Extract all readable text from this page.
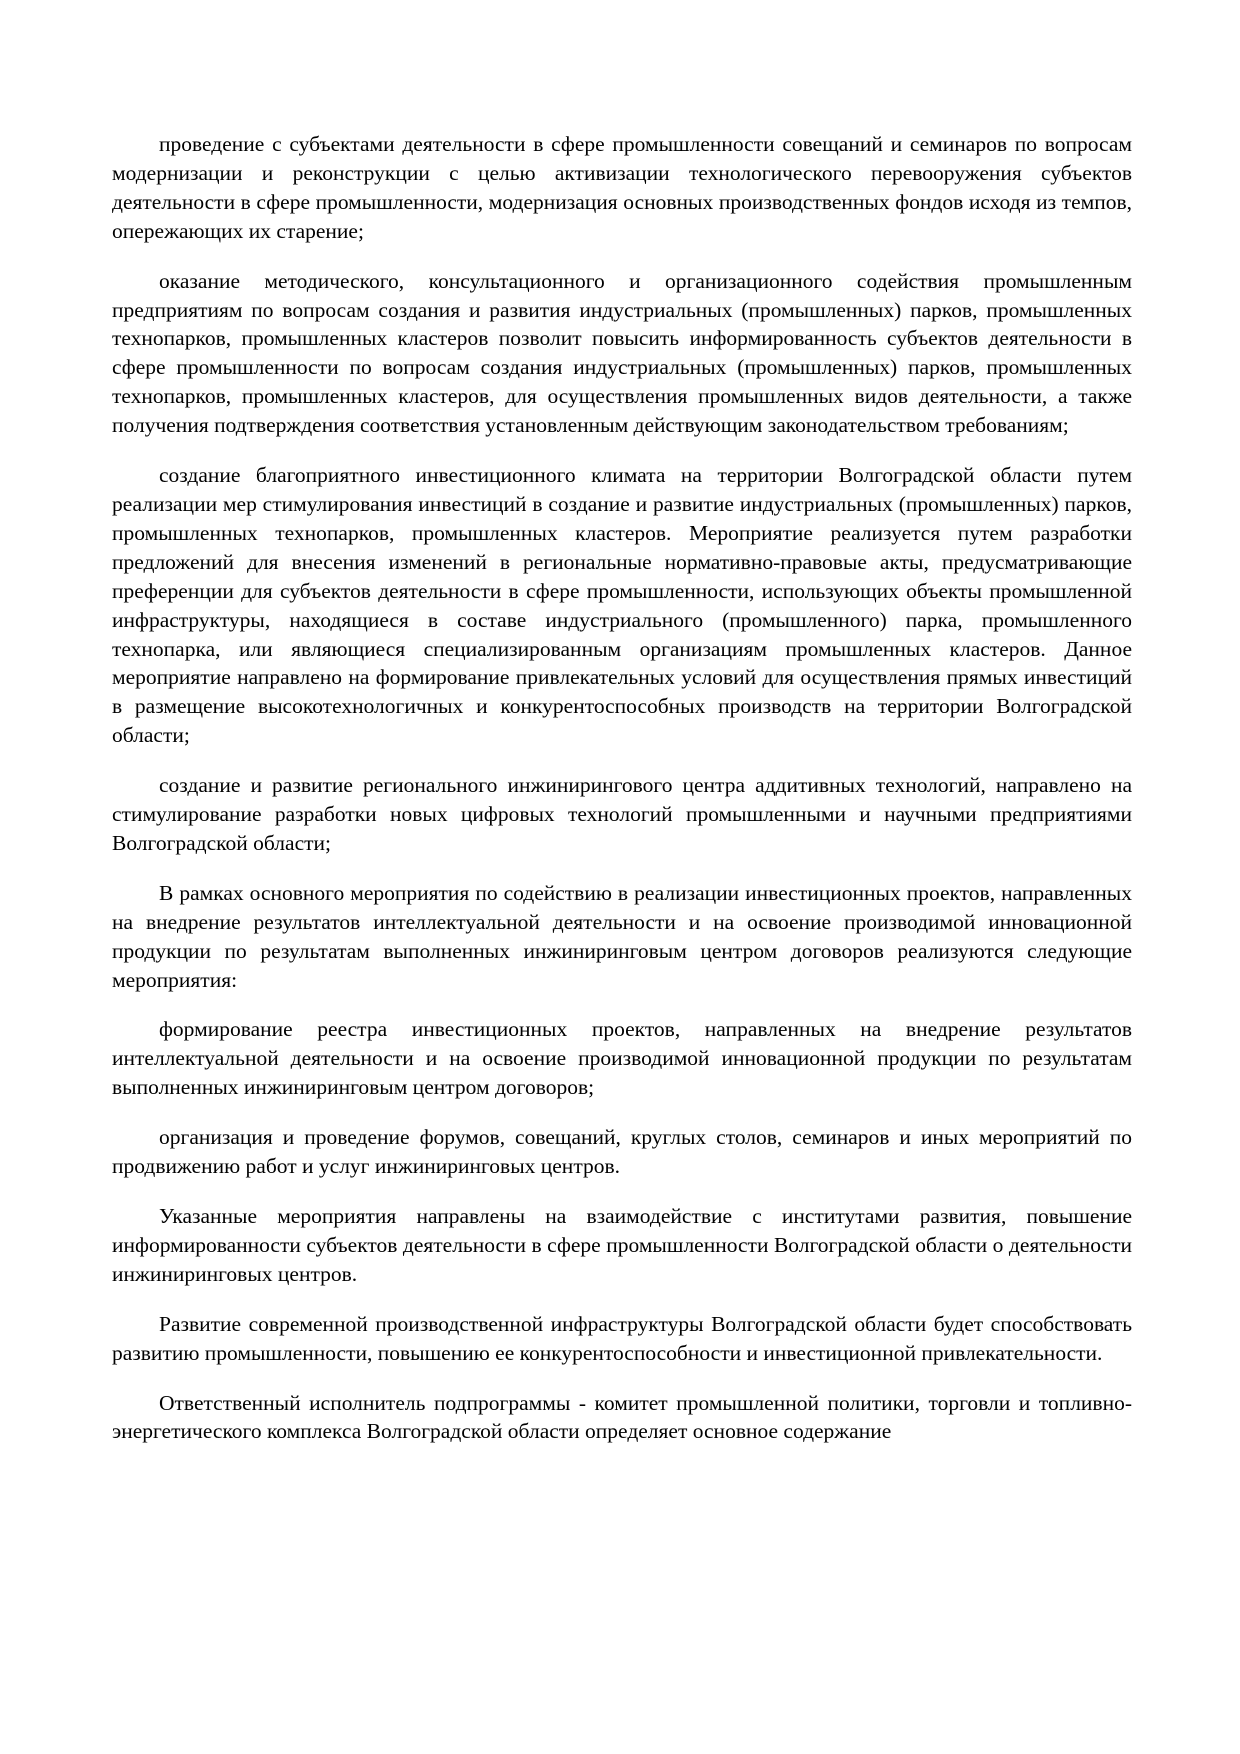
проведение с субъектами деятельности в сфере промышленности совещаний и семинаров по вопросам модернизации и реконструкции с целью активизации технологического перевооружения субъектов деятельности в сфере промышленности, модернизация основных производственных фондов исходя из темпов, опережающих их старение;

оказание методического, консультационного и организационного содействия промышленным предприятиям по вопросам создания и развития индустриальных (промышленных) парков, промышленных технопарков, промышленных кластеров позволит повысить информированность субъектов деятельности в сфере промышленности по вопросам создания индустриальных (промышленных) парков, промышленных технопарков, промышленных кластеров, для осуществления промышленных видов деятельности, а также получения подтверждения соответствия установленным действующим законодательством требованиям;

создание благоприятного инвестиционного климата на территории Волгоградской области путем реализации мер стимулирования инвестиций в создание и развитие индустриальных (промышленных) парков, промышленных технопарков, промышленных кластеров. Мероприятие реализуется путем разработки предложений для внесения изменений в региональные нормативно-правовые акты, предусматривающие преференции для субъектов деятельности в сфере промышленности, использующих объекты промышленной инфраструктуры, находящиеся в составе индустриального (промышленного) парка, промышленного технопарка, или являющиеся специализированным организациям промышленных кластеров. Данное мероприятие направлено на формирование привлекательных условий для осуществления прямых инвестиций в размещение высокотехнологичных и конкурентоспособных производств на территории Волгоградской области;

создание и развитие регионального инжинирингового центра аддитивных технологий, направлено на стимулирование разработки новых цифровых технологий промышленными и научными предприятиями Волгоградской области;

В рамках основного мероприятия по содействию в реализации инвестиционных проектов, направленных на внедрение результатов интеллектуальной деятельности и на освоение производимой инновационной продукции по результатам выполненных инжиниринговым центром договоров реализуются следующие мероприятия:

формирование реестра инвестиционных проектов, направленных на внедрение результатов интеллектуальной деятельности и на освоение производимой инновационной продукции по результатам выполненных инжиниринговым центром договоров;

организация и проведение форумов, совещаний, круглых столов, семинаров и иных мероприятий по продвижению работ и услуг инжиниринговых центров.

Указанные мероприятия направлены на взаимодействие с институтами развития, повышение информированности субъектов деятельности в сфере промышленности Волгоградской области о деятельности инжиниринговых центров.

Развитие современной производственной инфраструктуры Волгоградской области будет способствовать развитию промышленности, повышению ее конкурентоспособности и инвестиционной привлекательности.

Ответственный исполнитель подпрограммы - комитет промышленной политики, торговли и топливно-энергетического комплекса Волгоградской области определяет основное содержание
